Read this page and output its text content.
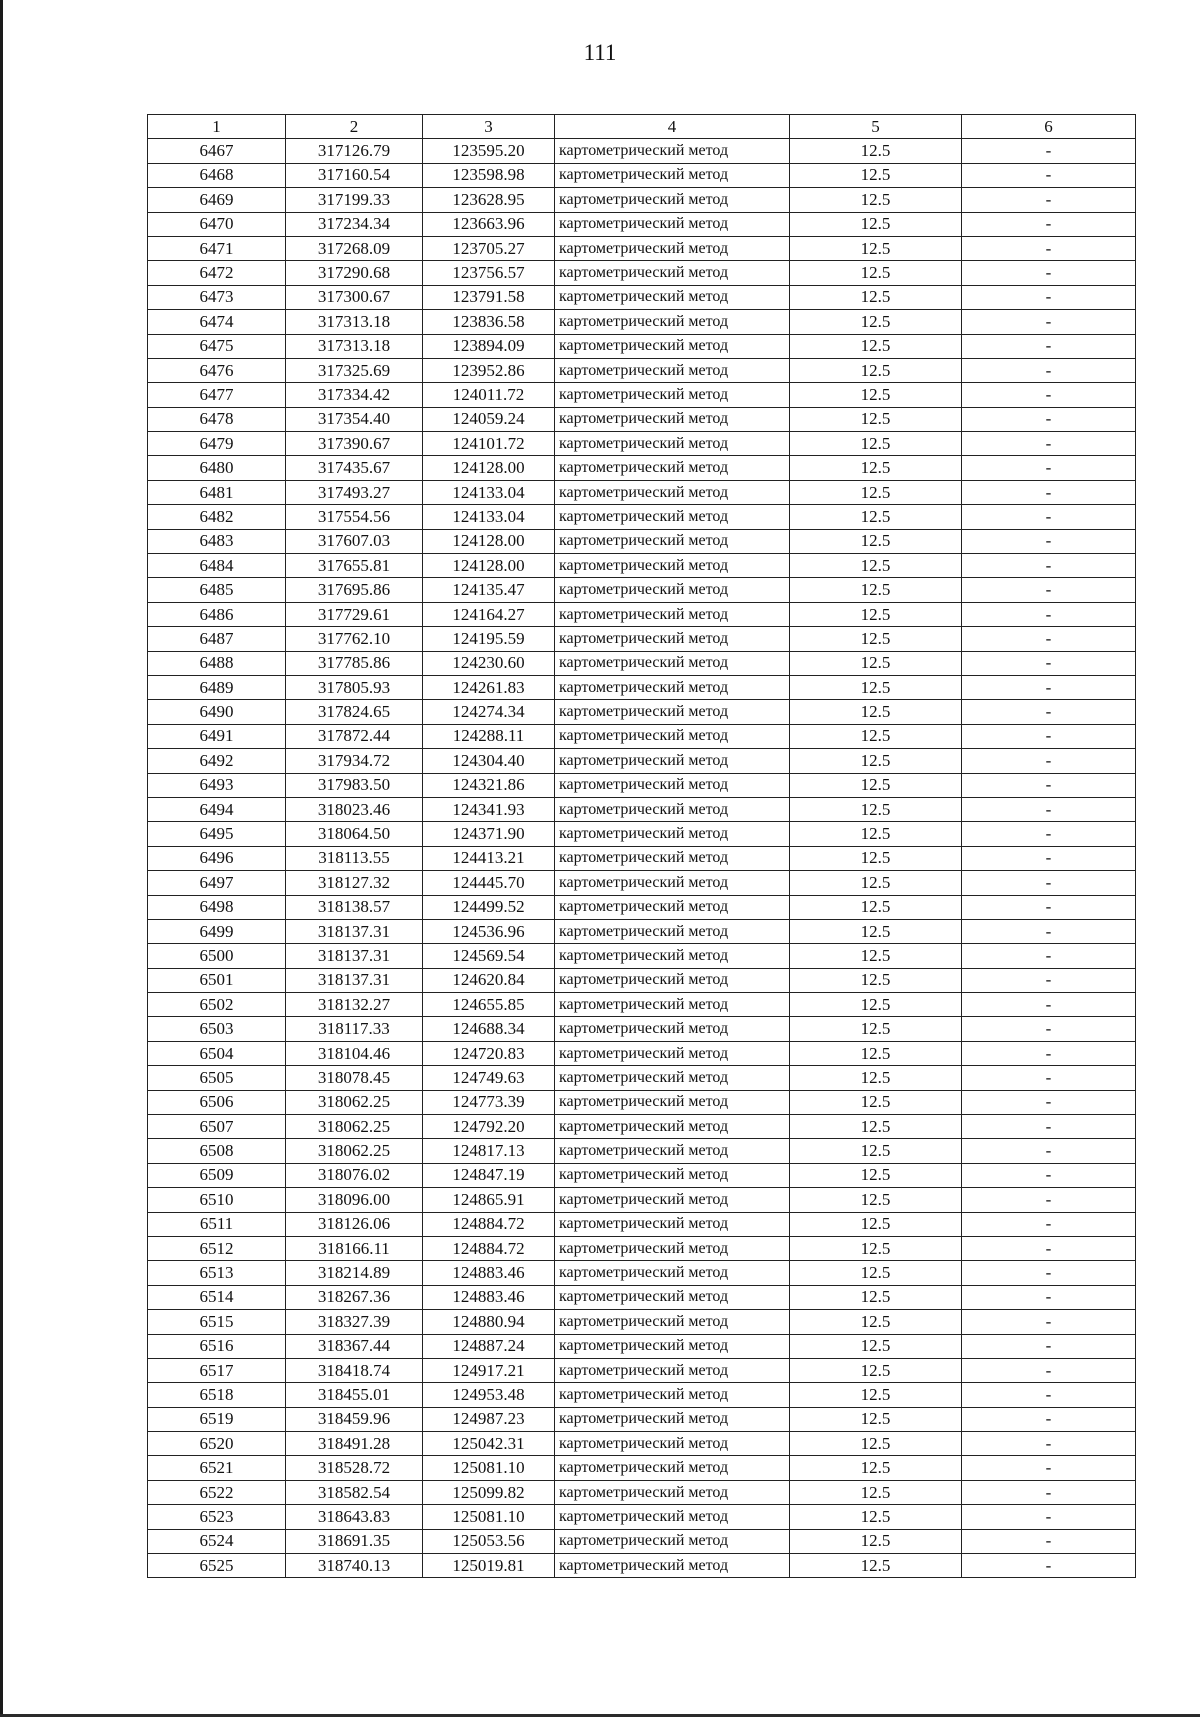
111
1	2	3	4	5	6
6467	317126.79	123595.20	картометрический метод	12.5	-
6468	317160.54	123598.98	картометрический метод	12.5	-
6469	317199.33	123628.95	картометрический метод	12.5	-
6470	317234.34	123663.96	картометрический метод	12.5	-
6471	317268.09	123705.27	картометрический метод	12.5	-
6472	317290.68	123756.57	картометрический метод	12.5	-
6473	317300.67	123791.58	картометрический метод	12.5	-
6474	317313.18	123836.58	картометрический метод	12.5	-
6475	317313.18	123894.09	картометрический метод	12.5	-
6476	317325.69	123952.86	картометрический метод	12.5	-
6477	317334.42	124011.72	картометрический метод	12.5	-
6478	317354.40	124059.24	картометрический метод	12.5	-
6479	317390.67	124101.72	картометрический метод	12.5	-
6480	317435.67	124128.00	картометрический метод	12.5	-
6481	317493.27	124133.04	картометрический метод	12.5	-
6482	317554.56	124133.04	картометрический метод	12.5	-
6483	317607.03	124128.00	картометрический метод	12.5	-
6484	317655.81	124128.00	картометрический метод	12.5	-
6485	317695.86	124135.47	картометрический метод	12.5	-
6486	317729.61	124164.27	картометрический метод	12.5	-
6487	317762.10	124195.59	картометрический метод	12.5	-
6488	317785.86	124230.60	картометрический метод	12.5	-
6489	317805.93	124261.83	картометрический метод	12.5	-
6490	317824.65	124274.34	картометрический метод	12.5	-
6491	317872.44	124288.11	картометрический метод	12.5	-
6492	317934.72	124304.40	картометрический метод	12.5	-
6493	317983.50	124321.86	картометрический метод	12.5	-
6494	318023.46	124341.93	картометрический метод	12.5	-
6495	318064.50	124371.90	картометрический метод	12.5	-
6496	318113.55	124413.21	картометрический метод	12.5	-
6497	318127.32	124445.70	картометрический метод	12.5	-
6498	318138.57	124499.52	картометрический метод	12.5	-
6499	318137.31	124536.96	картометрический метод	12.5	-
6500	318137.31	124569.54	картометрический метод	12.5	-
6501	318137.31	124620.84	картометрический метод	12.5	-
6502	318132.27	124655.85	картометрический метод	12.5	-
6503	318117.33	124688.34	картометрический метод	12.5	-
6504	318104.46	124720.83	картометрический метод	12.5	-
6505	318078.45	124749.63	картометрический метод	12.5	-
6506	318062.25	124773.39	картометрический метод	12.5	-
6507	318062.25	124792.20	картометрический метод	12.5	-
6508	318062.25	124817.13	картометрический метод	12.5	-
6509	318076.02	124847.19	картометрический метод	12.5	-
6510	318096.00	124865.91	картометрический метод	12.5	-
6511	318126.06	124884.72	картометрический метод	12.5	-
6512	318166.11	124884.72	картометрический метод	12.5	-
6513	318214.89	124883.46	картометрический метод	12.5	-
6514	318267.36	124883.46	картометрический метод	12.5	-
6515	318327.39	124880.94	картометрический метод	12.5	-
6516	318367.44	124887.24	картометрический метод	12.5	-
6517	318418.74	124917.21	картометрический метод	12.5	-
6518	318455.01	124953.48	картометрический метод	12.5	-
6519	318459.96	124987.23	картометрический метод	12.5	-
6520	318491.28	125042.31	картометрический метод	12.5	-
6521	318528.72	125081.10	картометрический метод	12.5	-
6522	318582.54	125099.82	картометрический метод	12.5	-
6523	318643.83	125081.10	картометрический метод	12.5	-
6524	318691.35	125053.56	картометрический метод	12.5	-
6525	318740.13	125019.81	картометрический метод	12.5	-
